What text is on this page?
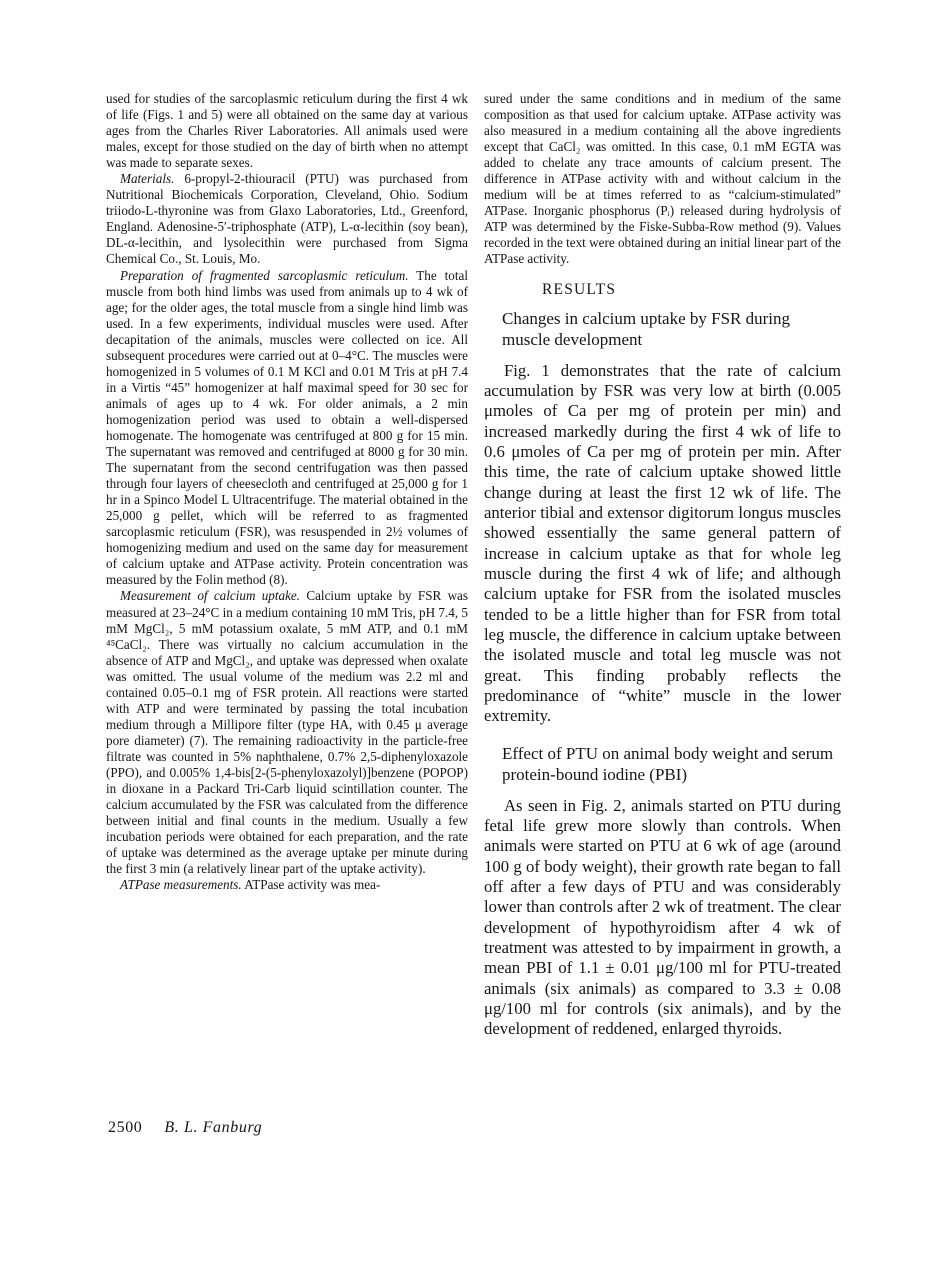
used for studies of the sarcoplasmic reticulum during the first 4 wk of life (Figs. 1 and 5) were all obtained on the same day at various ages from the Charles River Laboratories. All animals used were males, except for those studied on the day of birth when no attempt was made to separate sexes.

Materials. 6-propyl-2-thiouracil (PTU) was purchased from Nutritional Biochemicals Corporation, Cleveland, Ohio. Sodium triiodo-L-thyronine was from Glaxo Laboratories, Ltd., Greenford, England. Adenosine-5′-triphosphate (ATP), L-α-lecithin (soy bean), DL-α-lecithin, and lysolecithin were purchased from Sigma Chemical Co., St. Louis, Mo.

Preparation of fragmented sarcoplasmic reticulum. The total muscle from both hind limbs was used from animals up to 4 wk of age; for the older ages, the total muscle from a single hind limb was used. In a few experiments, individual muscles were used. After decapitation of the animals, muscles were collected on ice. All subsequent procedures were carried out at 0–4°C. The muscles were homogenized in 5 volumes of 0.1 M KCl and 0.01 M Tris at pH 7.4 in a Virtis “45” homogenizer at half maximal speed for 30 sec for animals of ages up to 4 wk. For older animals, a 2 min homogenization period was used to obtain a well-dispersed homogenate. The homogenate was centrifuged at 800 g for 15 min. The supernatant was removed and centrifuged at 8000 g for 30 min. The supernatant from the second centrifugation was then passed through four layers of cheesecloth and centrifuged at 25,000 g for 1 hr in a Spinco Model L Ultracentrifuge. The material obtained in the 25,000 g pellet, which will be referred to as fragmented sarcoplasmic reticulum (FSR), was resuspended in 2½ volumes of homogenizing medium and used on the same day for measurement of calcium uptake and ATPase activity. Protein concentration was measured by the Folin method (8).

Measurement of calcium uptake. Calcium uptake by FSR was measured at 23–24°C in a medium containing 10 mM Tris, pH 7.4, 5 mM MgCl₂, 5 mM potassium oxalate, 5 mM ATP, and 0.1 mM ⁴⁵CaCl₂. There was virtually no calcium accumulation in the absence of ATP and MgCl₂, and uptake was depressed when oxalate was omitted. The usual volume of the medium was 2.2 ml and contained 0.05–0.1 mg of FSR protein. All reactions were started with ATP and were terminated by passing the total incubation medium through a Millipore filter (type HA, with 0.45 μ average pore diameter) (7). The remaining radioactivity in the particle-free filtrate was counted in 5% naphthalene, 0.7% 2,5-diphenyloxazole (PPO), and 0.005% 1,4-bis[2-(5-phenyloxazolyl)]benzene (POPOP) in dioxane in a Packard Tri-Carb liquid scintillation counter. The calcium accumulated by the FSR was calculated from the difference between initial and final counts in the medium. Usually a few incubation periods were obtained for each preparation, and the rate of uptake was determined as the average uptake per minute during the first 3 min (a relatively linear part of the uptake activity).

ATPase measurements. ATPase activity was mea-

sured under the same conditions and in medium of the same composition as that used for calcium uptake. ATPase activity was also measured in a medium containing all the above ingredients except that CaCl₂ was omitted. In this case, 0.1 mM EGTA was added to chelate any trace amounts of calcium present. The difference in ATPase activity with and without calcium in the medium will be at times referred to as “calcium-stimulated” ATPase. Inorganic phosphorus (Pᵢ) released during hydrolysis of ATP was determined by the Fiske-Subba-Row method (9). Values recorded in the text were obtained during an initial linear part of the ATPase activity.

RESULTS
Changes in calcium uptake by FSR during muscle development

Fig. 1 demonstrates that the rate of calcium accumulation by FSR was very low at birth (0.005 μmoles of Ca per mg of protein per min) and increased markedly during the first 4 wk of life to 0.6 μmoles of Ca per mg of protein per min. After this time, the rate of calcium uptake showed little change during at least the first 12 wk of life. The anterior tibial and extensor digitorum longus muscles showed essentially the same general pattern of increase in calcium uptake as that for whole leg muscle during the first 4 wk of life; and although calcium uptake for FSR from the isolated muscles tended to be a little higher than for FSR from total leg muscle, the difference in calcium uptake between the isolated muscle and total leg muscle was not great. This finding probably reflects the predominance of “white” muscle in the lower extremity.

Effect of PTU on animal body weight and serum protein-bound iodine (PBI)

As seen in Fig. 2, animals started on PTU during fetal life grew more slowly than controls. When animals were started on PTU at 6 wk of age (around 100 g of body weight), their growth rate began to fall off after a few days of PTU and was considerably lower than controls after 2 wk of treatment. The clear development of hypothyroidism after 4 wk of treatment was attested to by impairment in growth, a mean PBI of 1.1 ± 0.01 μg/100 ml for PTU-treated animals (six animals) as compared to 3.3 ± 0.08 μg/100 ml for controls (six animals), and by the development of reddened, enlarged thyroids.

2500 B. L. Fanburg
